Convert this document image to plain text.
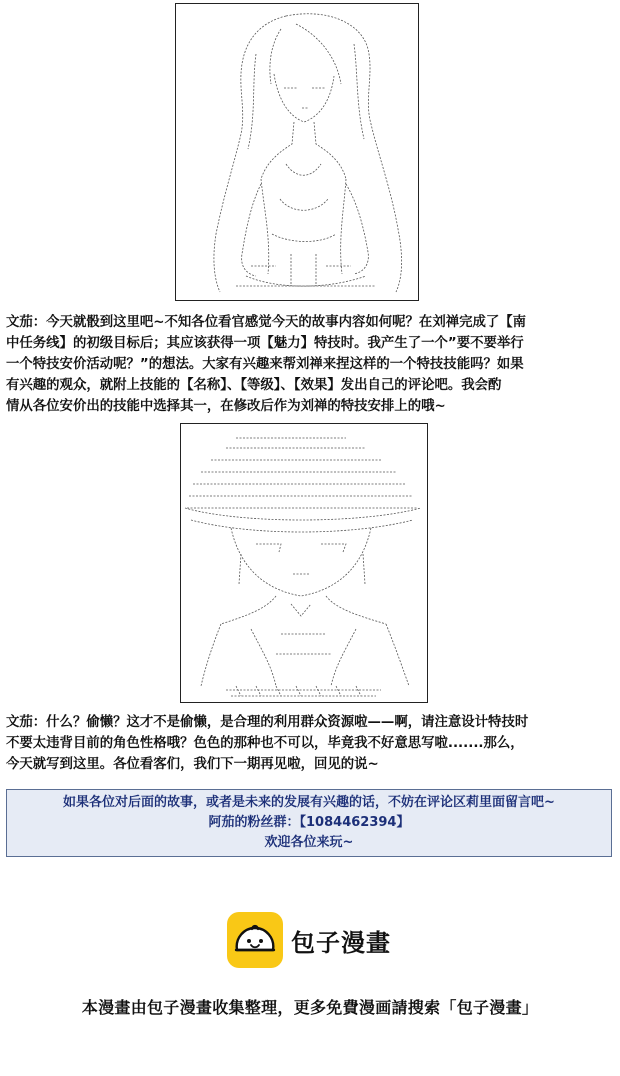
文茄：今天就骰到这里吧~不知各位看官感觉今天的故事内容如何呢？在刘禅完成了【南
中任务线】的初级目标后；其应该获得一项【魅力】特技时。我产生了一个”要不要举行
一个特技安价活动呢？”的想法。大家有兴趣来帮刘禅来捏这样的一个特技技能吗？如果
有兴趣的观众，就附上技能的【名称】、【等级】、【效果】发出自己的评论吧。我会酌
情从各位安价出的技能中选择其一，在修改后作为刘禅的特技安排上的哦~

文茄：什么？偷懒？这才不是偷懒，是合理的利用群众资源啦——啊，请注意设计特技时
不要太违背目前的角色性格哦？色色的那种也不可以，毕竟我不好意思写啦.......那么，
今天就写到这里。各位看客们，我们下一期再见啦，回见的说~

如果各位对后面的故事，或者是未来的发展有兴趣的话，不妨在评论区莉里面留言吧~
阿茄的粉丝群：【1084462394】
欢迎各位来玩~
包子漫畫
本漫畫由包子漫畫收集整理，更多免費漫画請搜索「包子漫畫」
